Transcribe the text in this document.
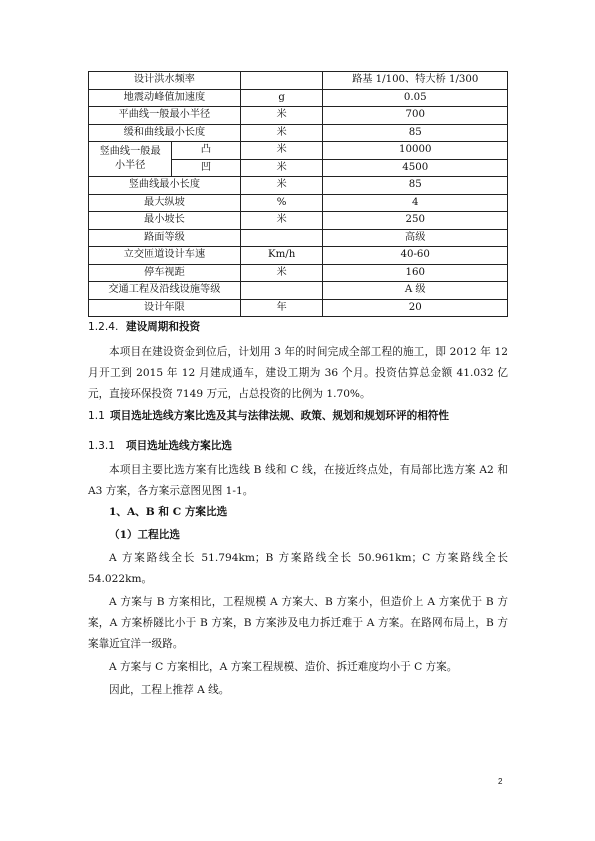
设计洪水频率			路基 1/100、特大桥 1/300
地震动峰值加速度		g	0.05
平曲线一般最小半径		米	700
缓和曲线最小长度		米	85
竖曲线一般最小半径	凸	米	10000
	凹	米	4500
竖曲线最小长度		米	85
最大纵坡		%	4
最小坡长		米	250
路面等级			高级
立交匝道设计车速		Km/h	40-60
停车视距		米	160
交通工程及沿线设施等级			A 级
设计年限		年	20
1.2.4. 建设周期和投资
本项目在建设资金到位后，计划用 3 年的时间完成全部工程的施工，即 2012 年 12 月开工到 2015 年 12 月建成通车，建设工期为 36 个月。投资估算总金额 41.032 亿元，直接环保投资 7149 万元，占总投资的比例为 1.70%。
1.1 项目选址选线方案比选及其与法律法规、政策、规划和规划环评的相符性
1.3.1 项目选址选线方案比选
本项目主要比选方案有比选线 B 线和 C 线，在接近终点处，有局部比选方案 A2 和 A3 方案，各方案示意图见图 1-1。
1、A、B 和 C 方案比选
（1）工程比选
A 方案路线全长 51.794km；B 方案路线全长 50.961km；C 方案路线全长 54.022km。
A 方案与 B 方案相比，工程规模 A 方案大、B 方案小，但造价上 A 方案优于 B 方案，A 方案桥隧比小于 B 方案，B 方案涉及电力拆迁难于 A 方案。在路网布局上，B 方案靠近宜洋一级路。
A 方案与 C 方案相比，A 方案工程规模、造价、拆迁难度均小于 C 方案。
因此，工程上推荐 A 线。
2
